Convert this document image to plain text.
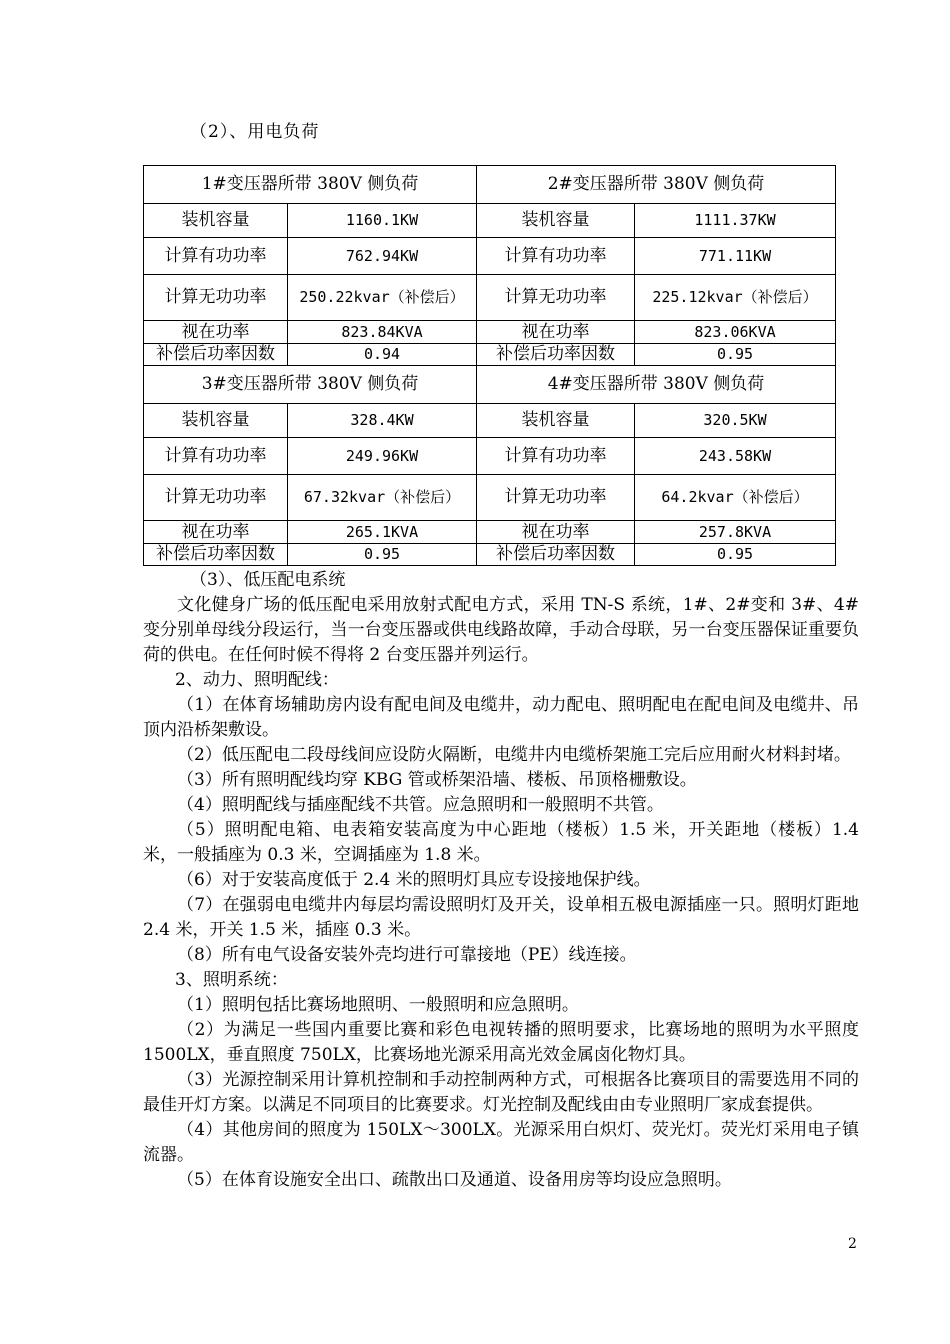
（2）、用电负荷
1#变压器所带 380V 侧负荷		2#变压器所带 380V 侧负荷	
装机容量	1160.1KW	装机容量	1111.37KW
计算有功功率	762.94KW	计算有功功率	771.11KW
计算无功功率	250.22kvar（补偿后）	计算无功功率	225.12kvar（补偿后）
视在功率	823.84KVA	视在功率	823.06KVA
补偿后功率因数	0.94	补偿后功率因数	0.95
3#变压器所带 380V 侧负荷		4#变压器所带 380V 侧负荷	
装机容量	328.4KW	装机容量	320.5KW
计算有功功率	249.96KW	计算有功功率	243.58KW
计算无功功率	67.32kvar（补偿后）	计算无功功率	64.2kvar（补偿后）
视在功率	265.1KVA	视在功率	257.8KVA
补偿后功率因数	0.95	补偿后功率因数	0.95

（3）、低压配电系统

文化健身广场的低压配电采用放射式配电方式，采用 TN-S 系统，1#、2#变和 3#、4#变分别单母线分段运行，当一台变压器或供电线路故障，手动合母联，另一台变压器保证重要负荷的供电。在任何时候不得将 2 台变压器并列运行。

2、动力、照明配线：

（1）在体育场辅助房内设有配电间及电缆井，动力配电、照明配电在配电间及电缆井、吊顶内沿桥架敷设。

（2）低压配电二段母线间应设防火隔断，电缆井内电缆桥架施工完后应用耐火材料封堵。

（3）所有照明配线均穿 KBG 管或桥架沿墙、楼板、吊顶格栅敷设。

（4）照明配线与插座配线不共管。应急照明和一般照明不共管。

（5）照明配电箱、电表箱安装高度为中心距地（楼板）1.5 米，开关距地（楼板）1.4 米，一般插座为 0.3 米，空调插座为 1.8 米。

（6）对于安装高度低于 2.4 米的照明灯具应专设接地保护线。

（7）在强弱电电缆井内每层均需设照明灯及开关，设单相五极电源插座一只。照明灯距地 2.4 米，开关 1.5 米，插座 0.3 米。

（8）所有电气设备安装外壳均进行可靠接地（PE）线连接。

3、照明系统：

（1）照明包括比赛场地照明、一般照明和应急照明。

（2）为满足一些国内重要比赛和彩色电视转播的照明要求，比赛场地的照明为水平照度 1500LX，垂直照度 750LX，比赛场地光源采用高光效金属卤化物灯具。

（3）光源控制采用计算机控制和手动控制两种方式，可根据各比赛项目的需要选用不同的最佳开灯方案。以满足不同项目的比赛要求。灯光控制及配线由由专业照明厂家成套提供。

（4）其他房间的照度为 150LX～300LX。光源采用白炽灯、荧光灯。荧光灯采用电子镇流器。

（5）在体育设施安全出口、疏散出口及通道、设备用房等均设应急照明。

2
